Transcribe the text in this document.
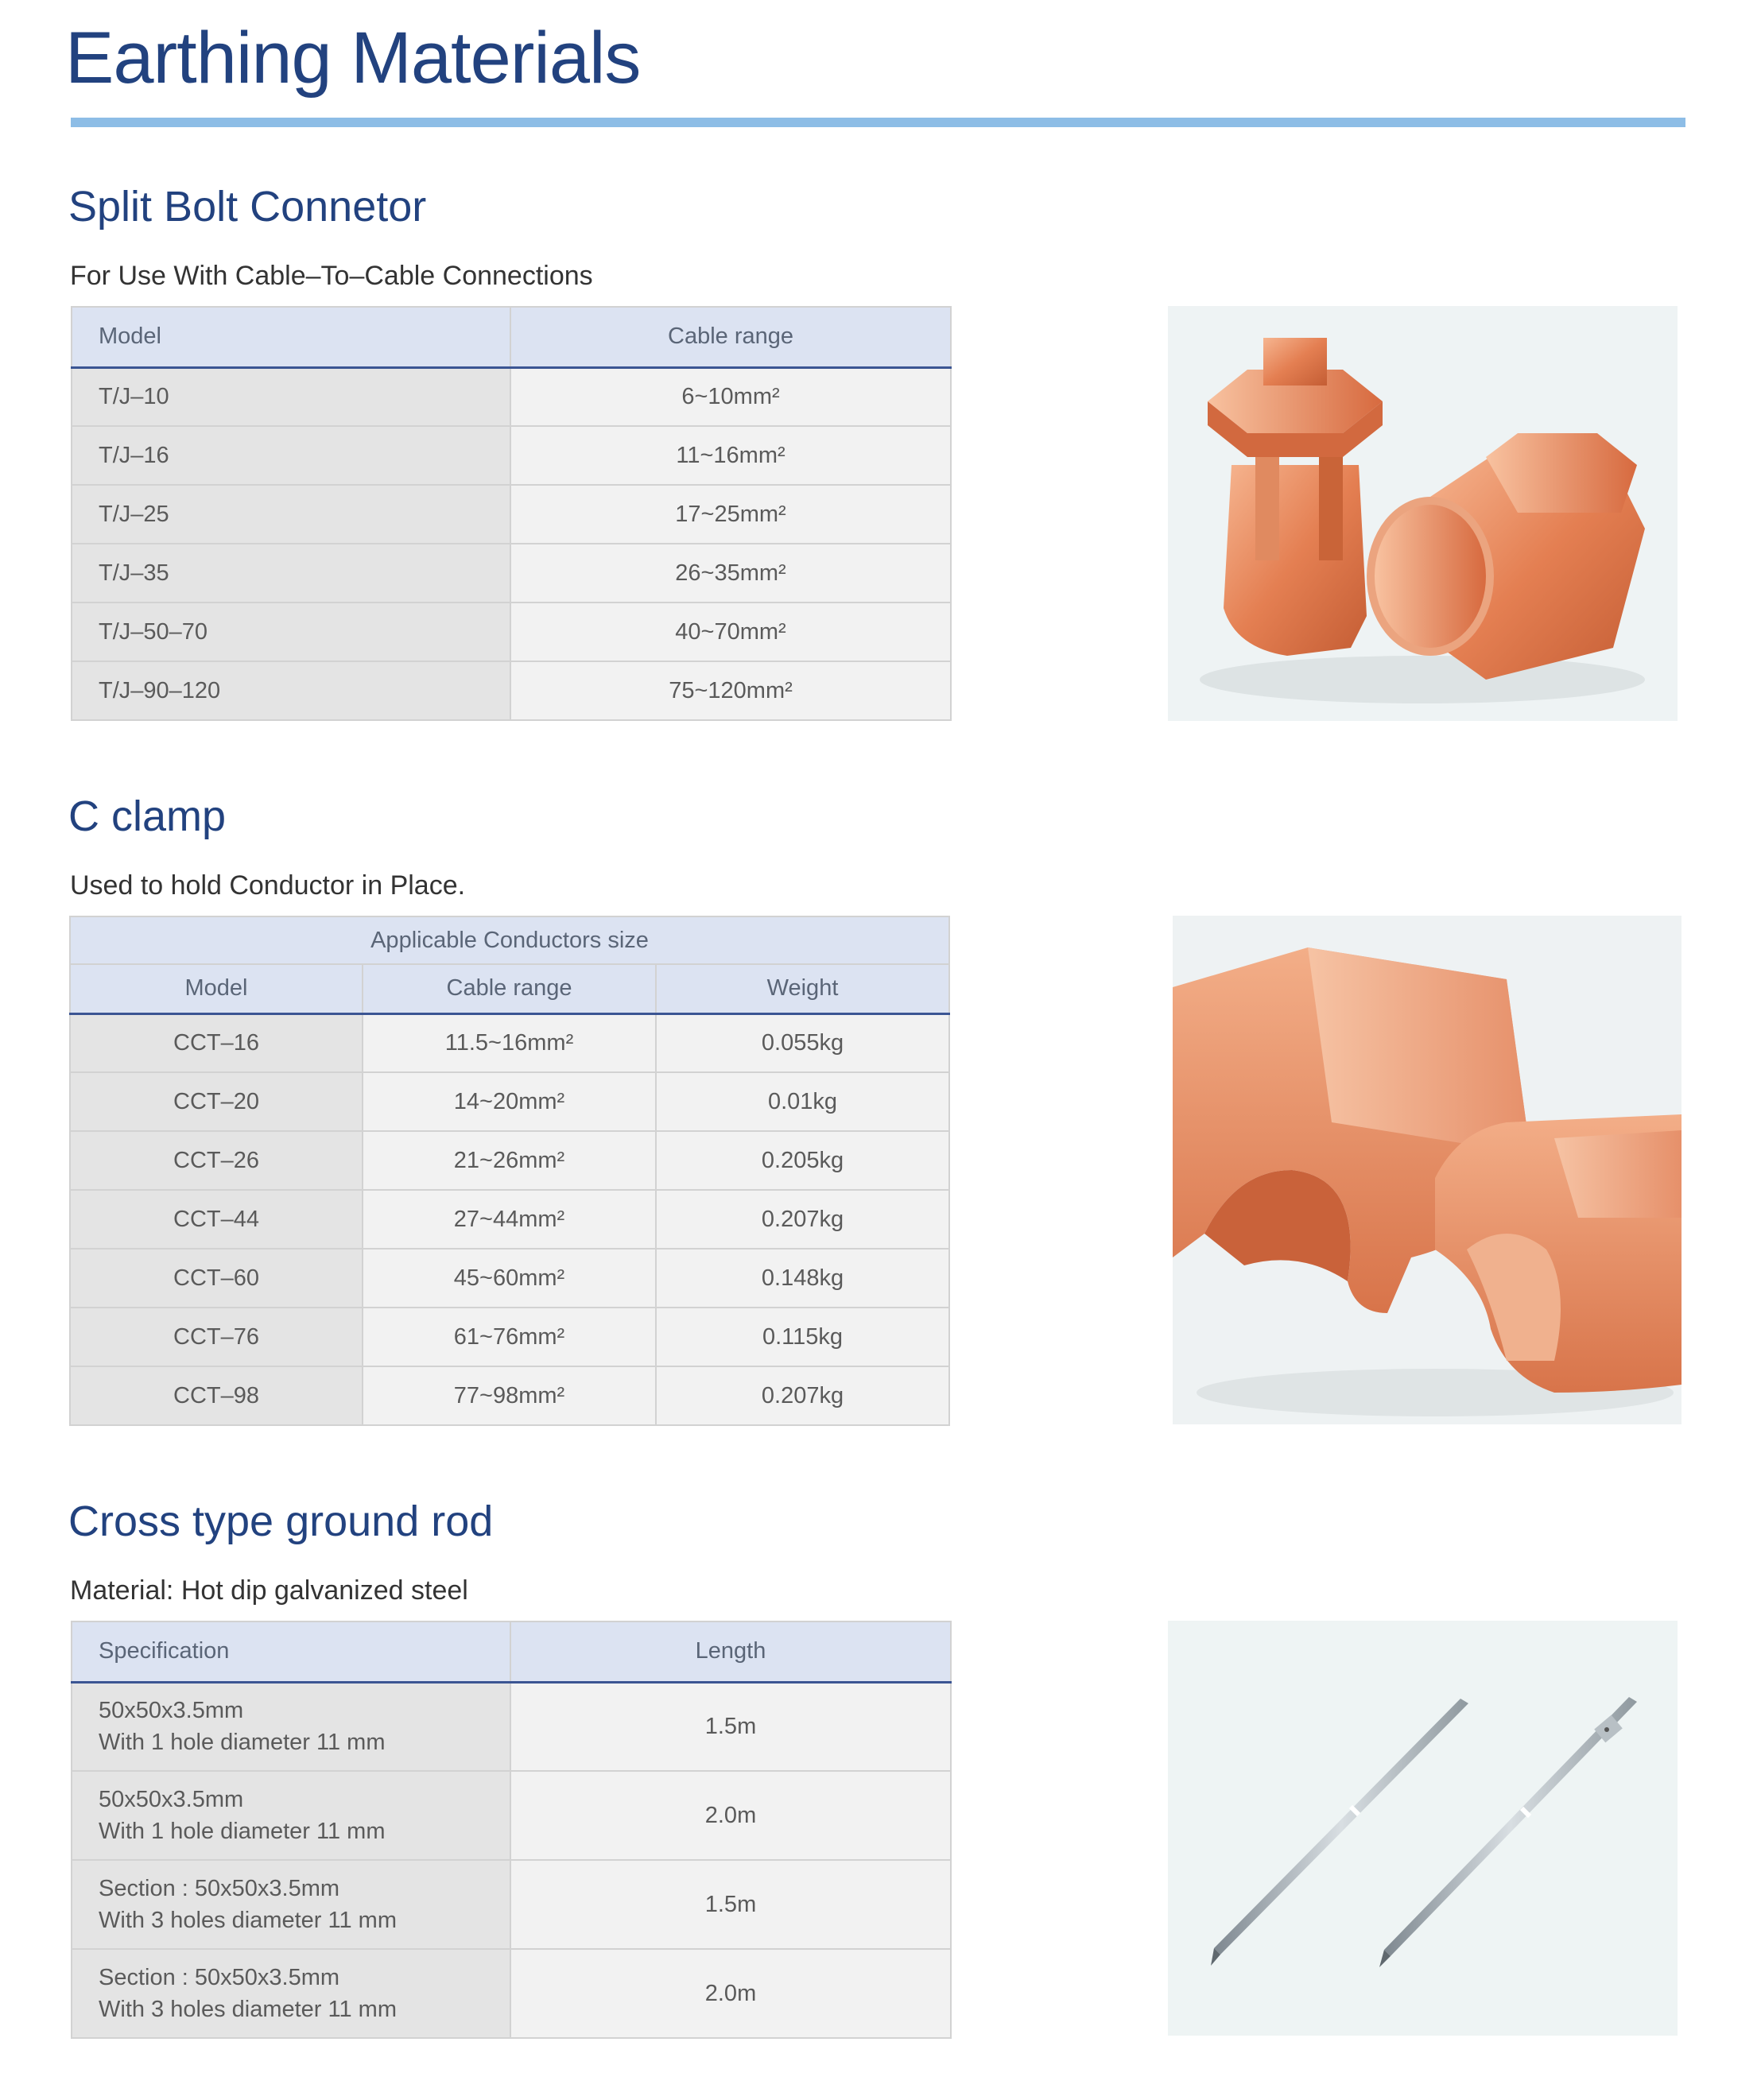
Earthing Materials
Split Bolt Connetor
For Use With Cable–To–Cable Connections
Model	Cable range
T/J–10	6~10mm²
T/J–16	11~16mm²
T/J–25	17~25mm²
T/J–35	26~35mm²
T/J–50–70	40~70mm²
T/J–90–120	75~120mm²
C clamp
Used to hold Conductor in Place.
Applicable Conductors size		
Model	Cable range	Weight
CCT–16	11.5~16mm²	0.055kg
CCT–20	14~20mm²	0.01kg
CCT–26	21~26mm²	0.205kg
CCT–44	27~44mm²	0.207kg
CCT–60	45~60mm²	0.148kg
CCT–76	61~76mm²	0.115kg
CCT–98	77~98mm²	0.207kg
Cross type ground rod
Material: Hot dip galvanized steel
Specification	Length

50x50x3.5mm
With 1 hole diameter 11 mm	1.5m

50x50x3.5mm
With 1 hole diameter 11 mm	2.0m

Section : 50x50x3.5mm
With 3 holes diameter 11 mm	1.5m

Section : 50x50x3.5mm
With 3 holes diameter 11 mm	2.0m
